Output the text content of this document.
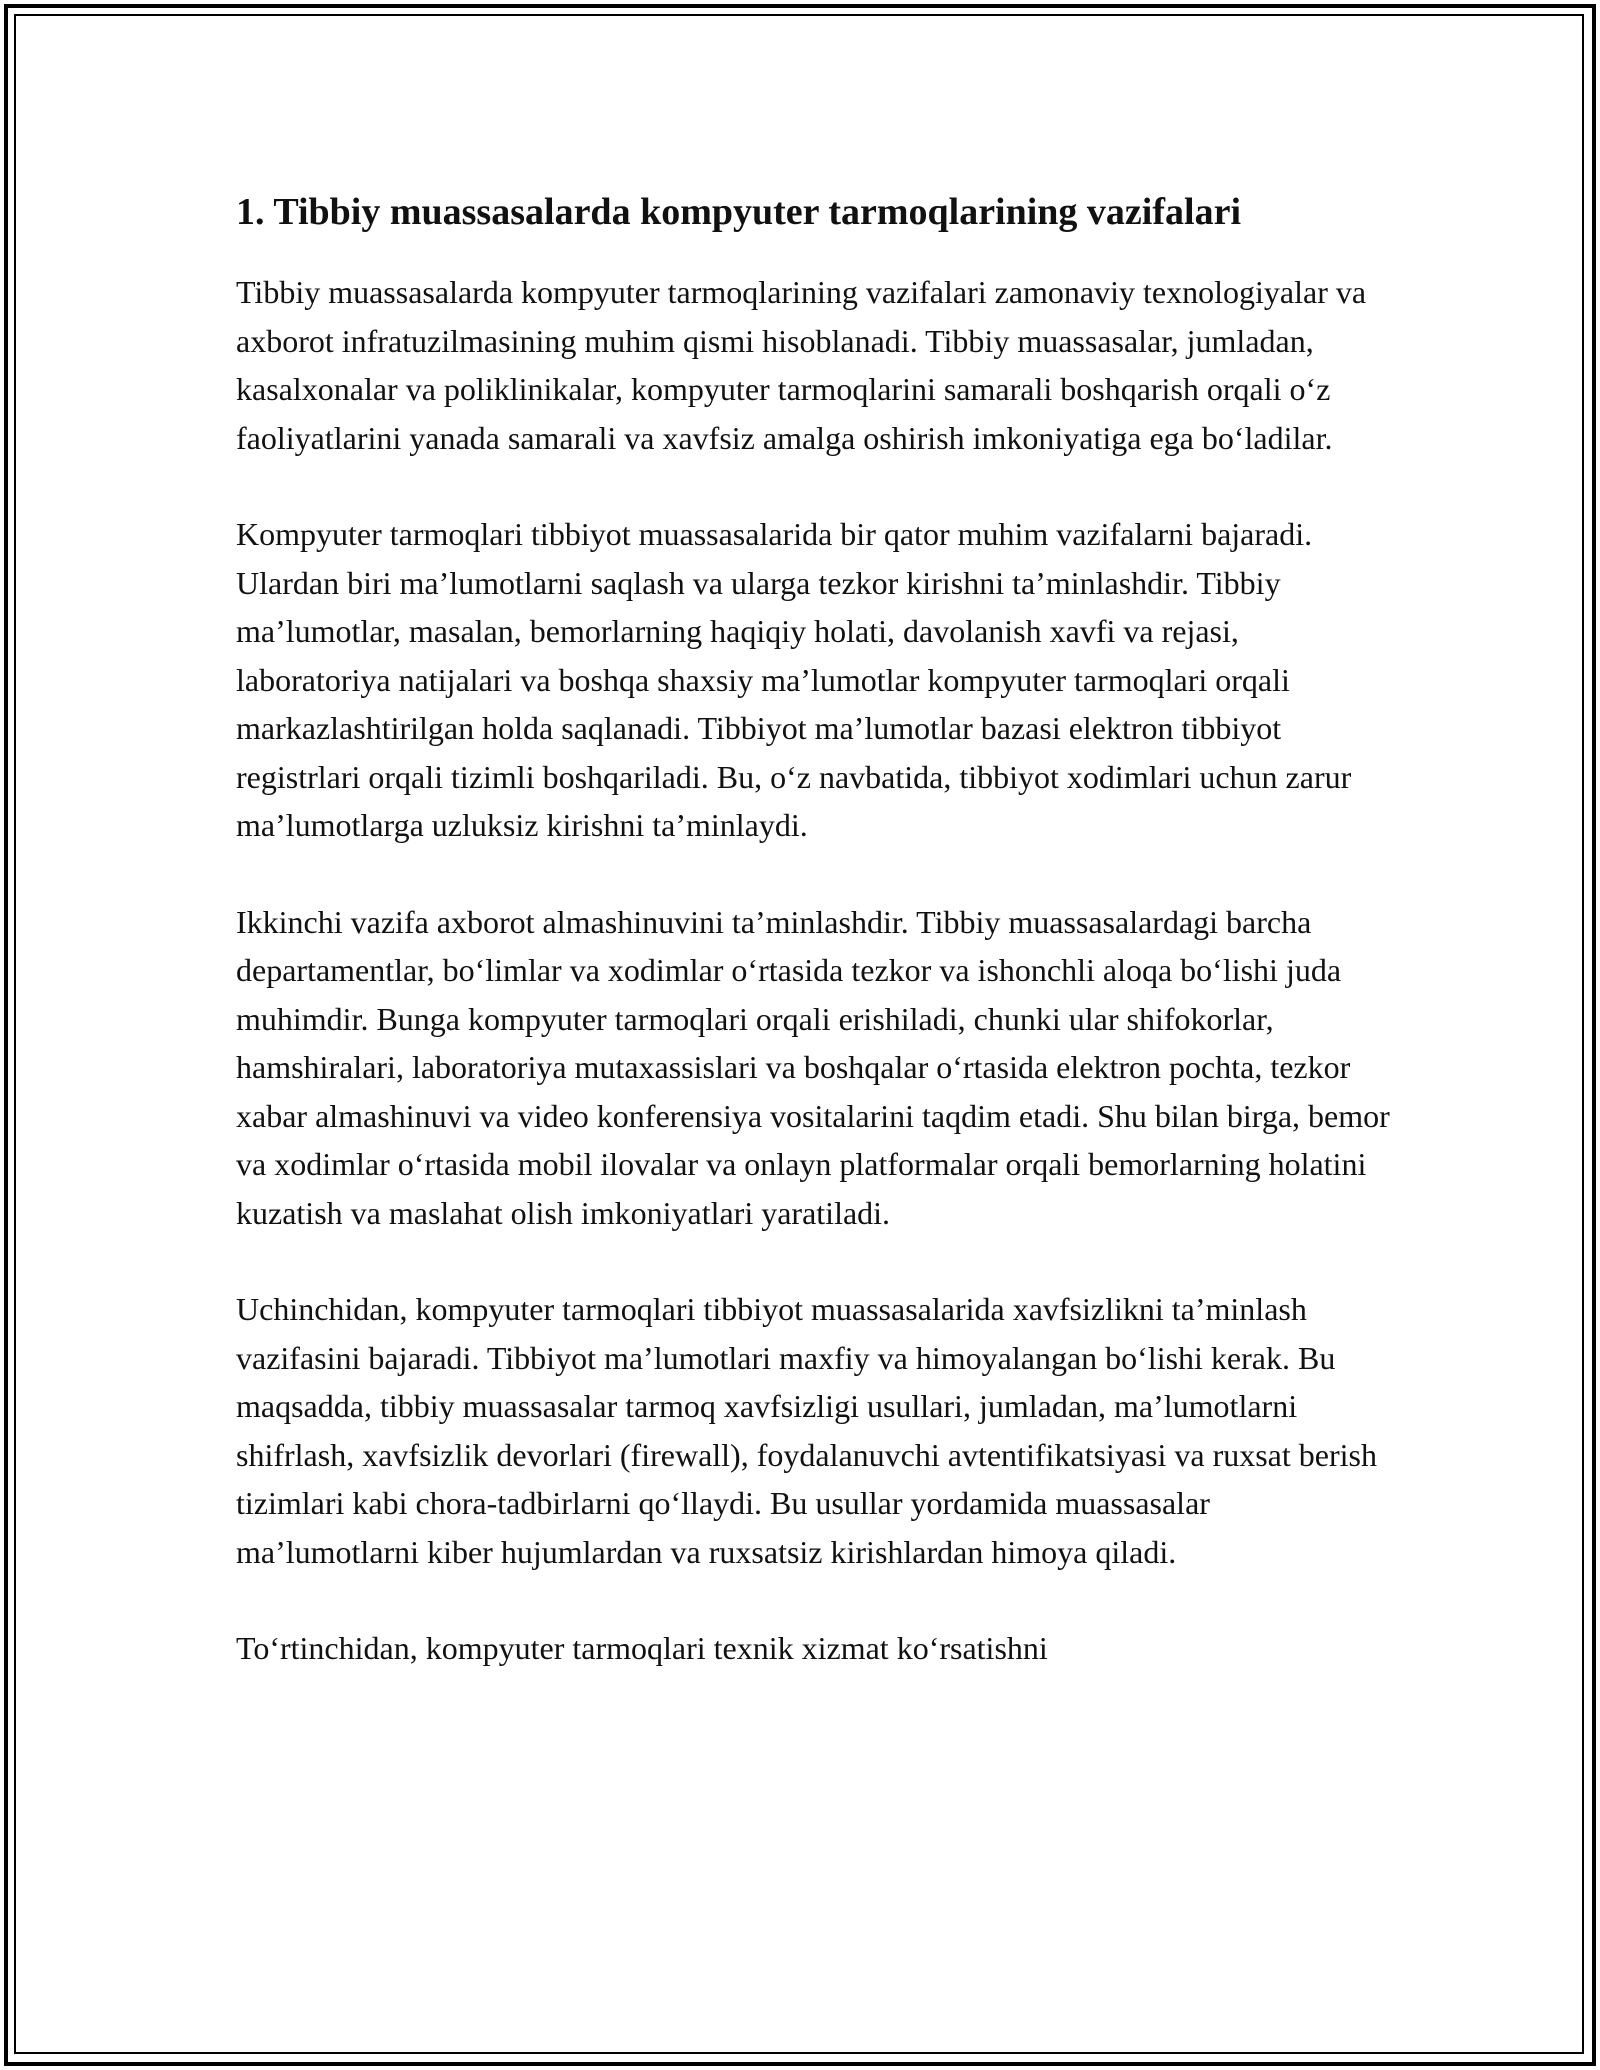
1. Tibbiy muassasalarda kompyuter tarmoqlarining vazifalari

Tibbiy muassasalarda kompyuter tarmoqlarining vazifalari zamonaviy texnologiyalar va axborot infratuzilmasining muhim qismi hisoblanadi. Tibbiy muassasalar, jumladan, kasalxonalar va poliklinikalar, kompyuter tarmoqlarini samarali boshqarish orqali o‘z faoliyatlarini yanada samarali va xavfsiz amalga oshirish imkoniyatiga ega bo‘ladilar.

Kompyuter tarmoqlari tibbiyot muassasalarida bir qator muhim vazifalarni bajaradi. Ulardan biri ma’lumotlarni saqlash va ularga tezkor kirishni ta’minlashdir. Tibbiy ma’lumotlar, masalan, bemorlarning haqiqiy holati, davolanish xavfi va rejasi, laboratoriya natijalari va boshqa shaxsiy ma’lumotlar kompyuter tarmoqlari orqali markazlashtirilgan holda saqlanadi. Tibbiyot ma’lumotlar bazasi elektron tibbiyot registrlari orqali tizimli boshqariladi. Bu, o‘z navbatida, tibbiyot xodimlari uchun zarur ma’lumotlarga uzluksiz kirishni ta’minlaydi.

Ikkinchi vazifa axborot almashinuvini ta’minlashdir. Tibbiy muassasalardagi barcha departamentlar, bo‘limlar va xodimlar o‘rtasida tezkor va ishonchli aloqa bo‘lishi juda muhimdir. Bunga kompyuter tarmoqlari orqali erishiladi, chunki ular shifokorlar, hamshiralari, laboratoriya mutaxassislari va boshqalar o‘rtasida elektron pochta, tezkor xabar almashinuvi va video konferensiya vositalarini taqdim etadi. Shu bilan birga, bemor va xodimlar o‘rtasida mobil ilovalar va onlayn platformalar orqali bemorlarning holatini kuzatish va maslahat olish imkoniyatlari yaratiladi.

Uchinchidan, kompyuter tarmoqlari tibbiyot muassasalarida xavfsizlikni ta’minlash vazifasini bajaradi. Tibbiyot ma’lumotlari maxfiy va himoyalangan bo‘lishi kerak. Bu maqsadda, tibbiy muassasalar tarmoq xavfsizligi usullari, jumladan, ma’lumotlarni shifrlash, xavfsizlik devorlari (firewall), foydalanuvchi avtentifikatsiyasi va ruxsat berish tizimlari kabi chora-tadbirlarni qo‘llaydi. Bu usullar yordamida muassasalar ma’lumotlarni kiber hujumlardan va ruxsatsiz kirishlardan himoya qiladi.

To‘rtinchidan, kompyuter tarmoqlari texnik xizmat ko‘rsatishni
